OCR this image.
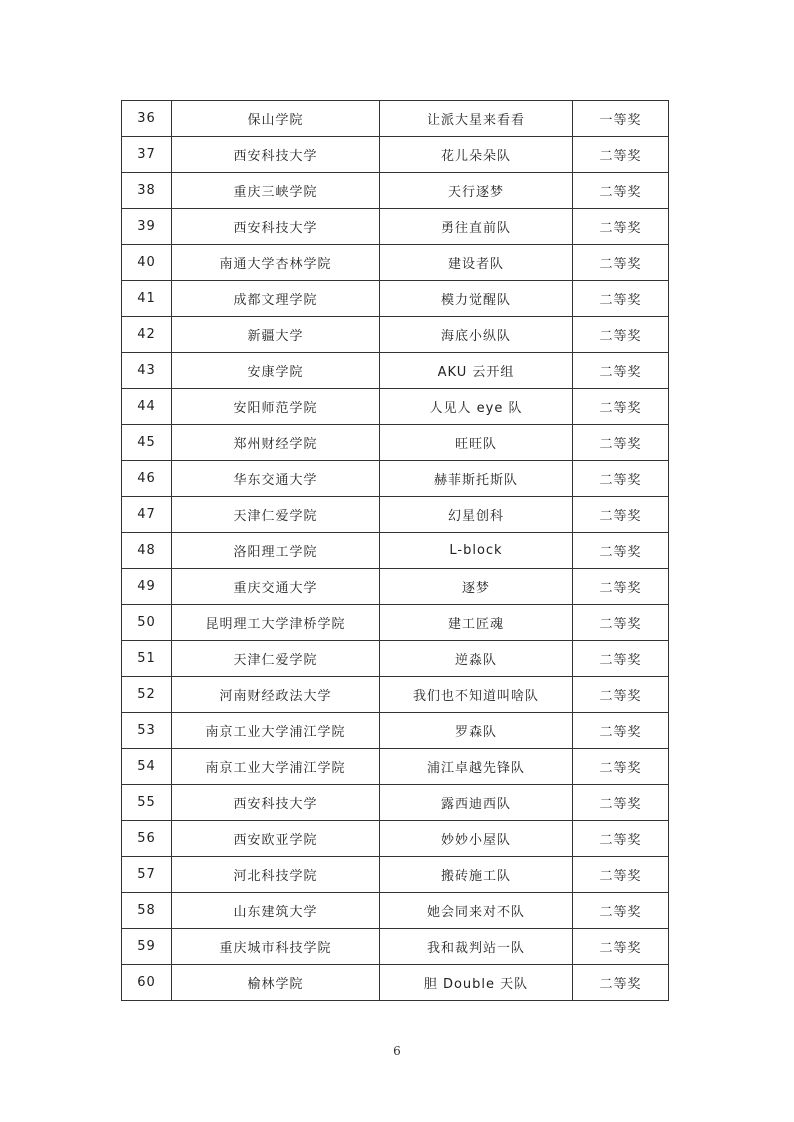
36	保山学院	让派大星来看看	一等奖
37	西安科技大学	花儿朵朵队	二等奖
38	重庆三峡学院	天行逐梦	二等奖
39	西安科技大学	勇往直前队	二等奖
40	南通大学杏林学院	建设者队	二等奖
41	成都文理学院	模力觉醒队	二等奖
42	新疆大学	海底小纵队	二等奖
43	安康学院	AKU 云开组	二等奖
44	安阳师范学院	人见人 eye 队	二等奖
45	郑州财经学院	旺旺队	二等奖
46	华东交通大学	赫菲斯托斯队	二等奖
47	天津仁爱学院	幻星创科	二等奖
48	洛阳理工学院	L-block	二等奖
49	重庆交通大学	逐梦	二等奖
50	昆明理工大学津桥学院	建工匠魂	二等奖
51	天津仁爱学院	逆淼队	二等奖
52	河南财经政法大学	我们也不知道叫啥队	二等奖
53	南京工业大学浦江学院	罗森队	二等奖
54	南京工业大学浦江学院	浦江卓越先锋队	二等奖
55	西安科技大学	露西迪西队	二等奖
56	西安欧亚学院	妙妙小屋队	二等奖
57	河北科技学院	搬砖施工队	二等奖
58	山东建筑大学	她会同来对不队	二等奖
59	重庆城市科技学院	我和裁判站一队	二等奖
60	榆林学院	胆 Double 天队	二等奖
6
